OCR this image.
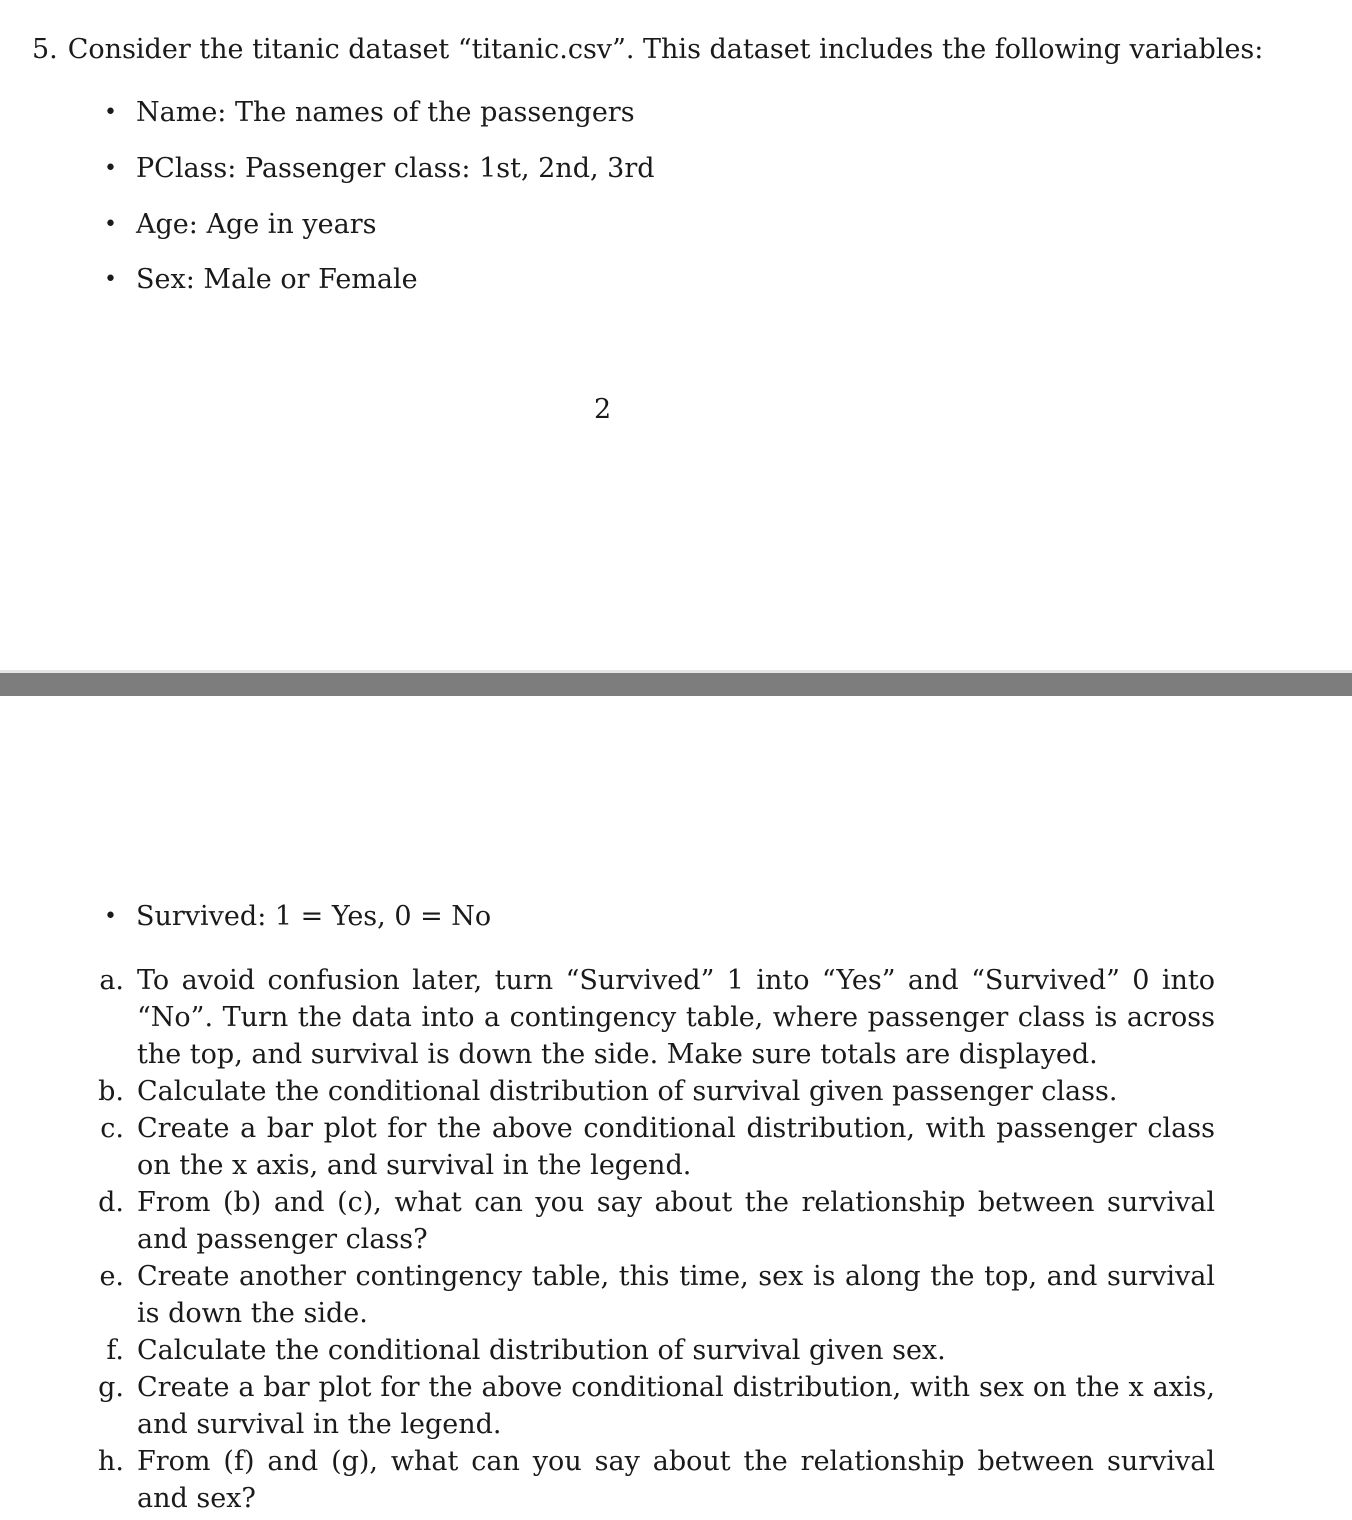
5. Consider the titanic dataset “titanic.csv”. This dataset includes the following variables:
• Name: The names of the passengers
• PClass: Passenger class: 1st, 2nd, 3rd
• Age: Age in years
• Sex: Male or Female
2
• Survived: 1 = Yes, 0 = No
a. To avoid confusion later, turn “Survived” 1 into “Yes” and “Survived” 0 into “No”. Turn the data into a contingency table, where passenger class is across the top, and survival is down the side. Make sure totals are displayed.
b. Calculate the conditional distribution of survival given passenger class.
c. Create a bar plot for the above conditional distribution, with passenger class on the x axis, and survival in the legend.
d. From (b) and (c), what can you say about the relationship between survival and passenger class?
e. Create another contingency table, this time, sex is along the top, and survival is down the side.
f. Calculate the conditional distribution of survival given sex.
g. Create a bar plot for the above conditional distribution, with sex on the x axis, and survival in the legend.
h. From (f) and (g), what can you say about the relationship between survival and sex?
